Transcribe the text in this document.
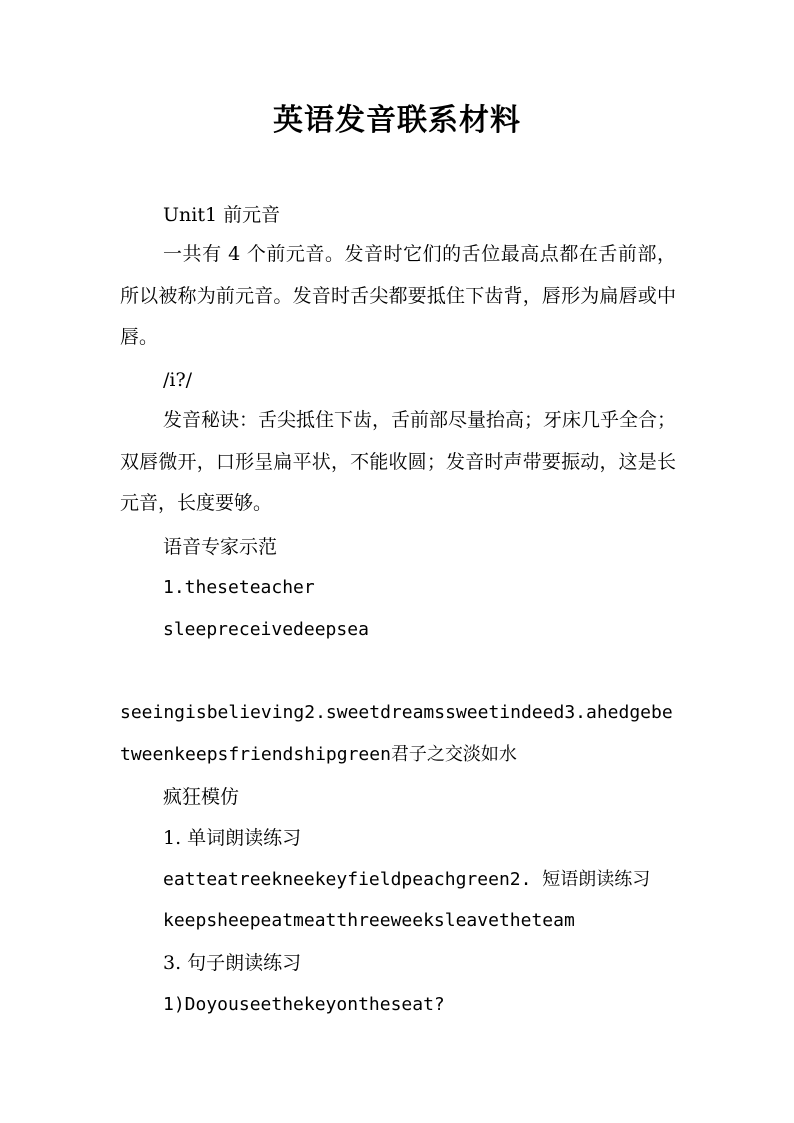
英语发音联系材料

Unit1 前元音

一共有 4 个前元音。发音时它们的舌位最高点都在舌前部，所以被称为前元音。发音时舌尖都要抵住下齿背，唇形为扁唇或中唇。

/i?/

发音秘诀：舌尖抵住下齿，舌前部尽量抬高；牙床几乎全合；双唇微开，口形呈扁平状，不能收圆；发音时声带要振动，这是长元音，长度要够。

语音专家示范

1.theseteacher

sleepreceivedeepsea

seeingisbelieving2.sweetdreamssweetindeed3.ahedgebe

tweenkeepsfriendshipgreen君子之交淡如水

疯狂模仿

1. 单词朗读练习

eatteatreekneekeyfieldpeachgreen2. 短语朗读练习

keepsheepeatmeatthreeweeksleavetheteam

3. 句子朗读练习

1)Doyouseethekeyontheseat?
